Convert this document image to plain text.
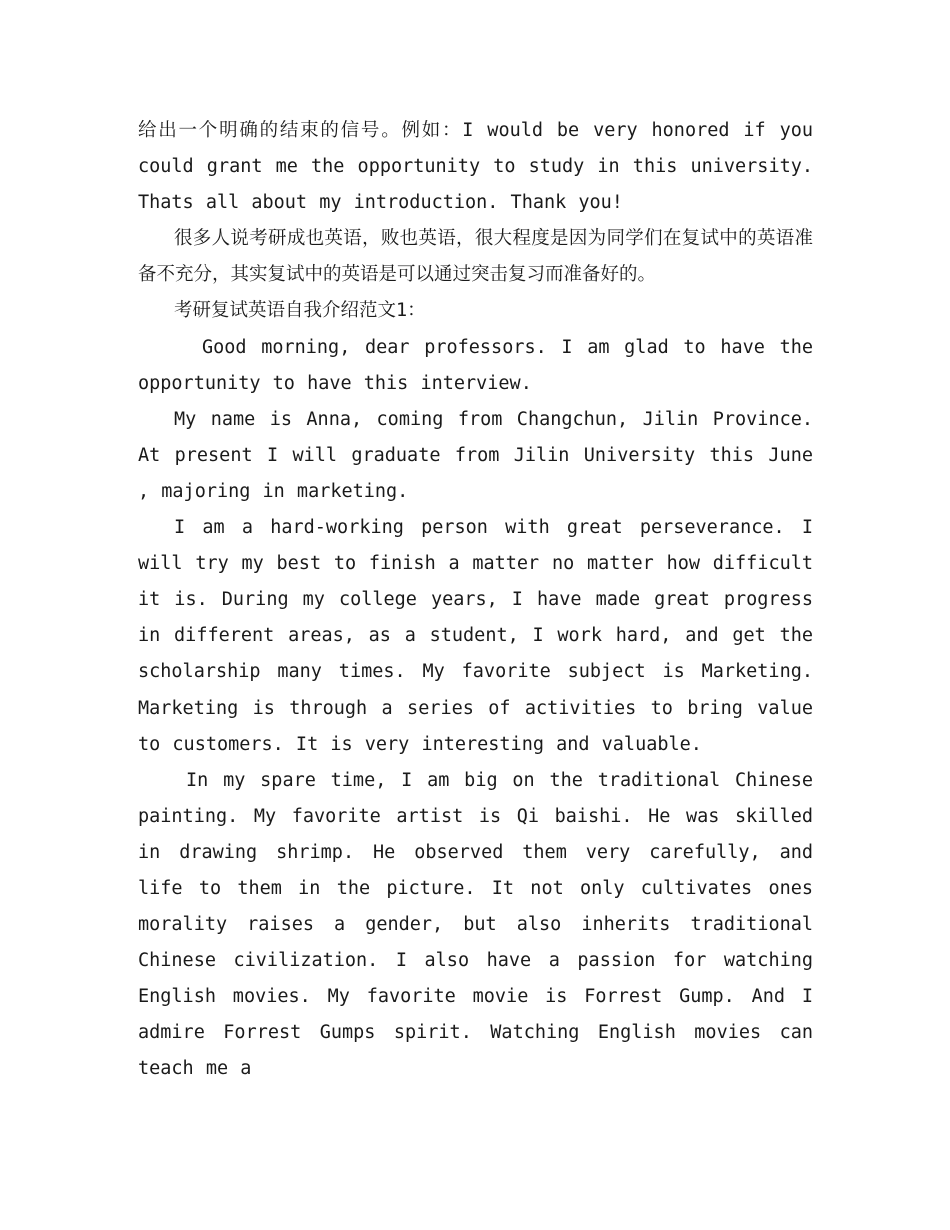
给出一个明确的结束的信号。例如：I would be very honored if you could grant me the opportunity to study in this university. Thats all about my introduction. Thank you!

很多人说考研成也英语，败也英语，很大程度是因为同学们在复试中的英语准备不充分，其实复试中的英语是可以通过突击复习而准备好的。

考研复试英语自我介绍范文1：

Good morning, dear professors. I am glad to have the opportunity to have this interview.

My name is Anna, coming from Changchun, Jilin Province. At present I will graduate from Jilin University this June , majoring in marketing.

I am a hard-working person with great perseverance. I will try my best to finish a matter no matter how difficult it is. During my college years, I have made great progress in different areas, as a student, I work hard, and get the scholarship many times. My favorite subject is Marketing. Marketing is through a series of activities to bring value to customers. It is very interesting and valuable.

In my spare time, I am big on the traditional Chinese painting. My favorite artist is Qi baishi. He was skilled in drawing shrimp. He observed them very carefully, and life to them in the picture. It not only cultivates ones morality raises a gender, but also inherits traditional Chinese civilization. I also have a passion for watching English movies. My favorite movie is Forrest Gump. And I admire Forrest Gumps spirit. Watching English movies can teach me a
